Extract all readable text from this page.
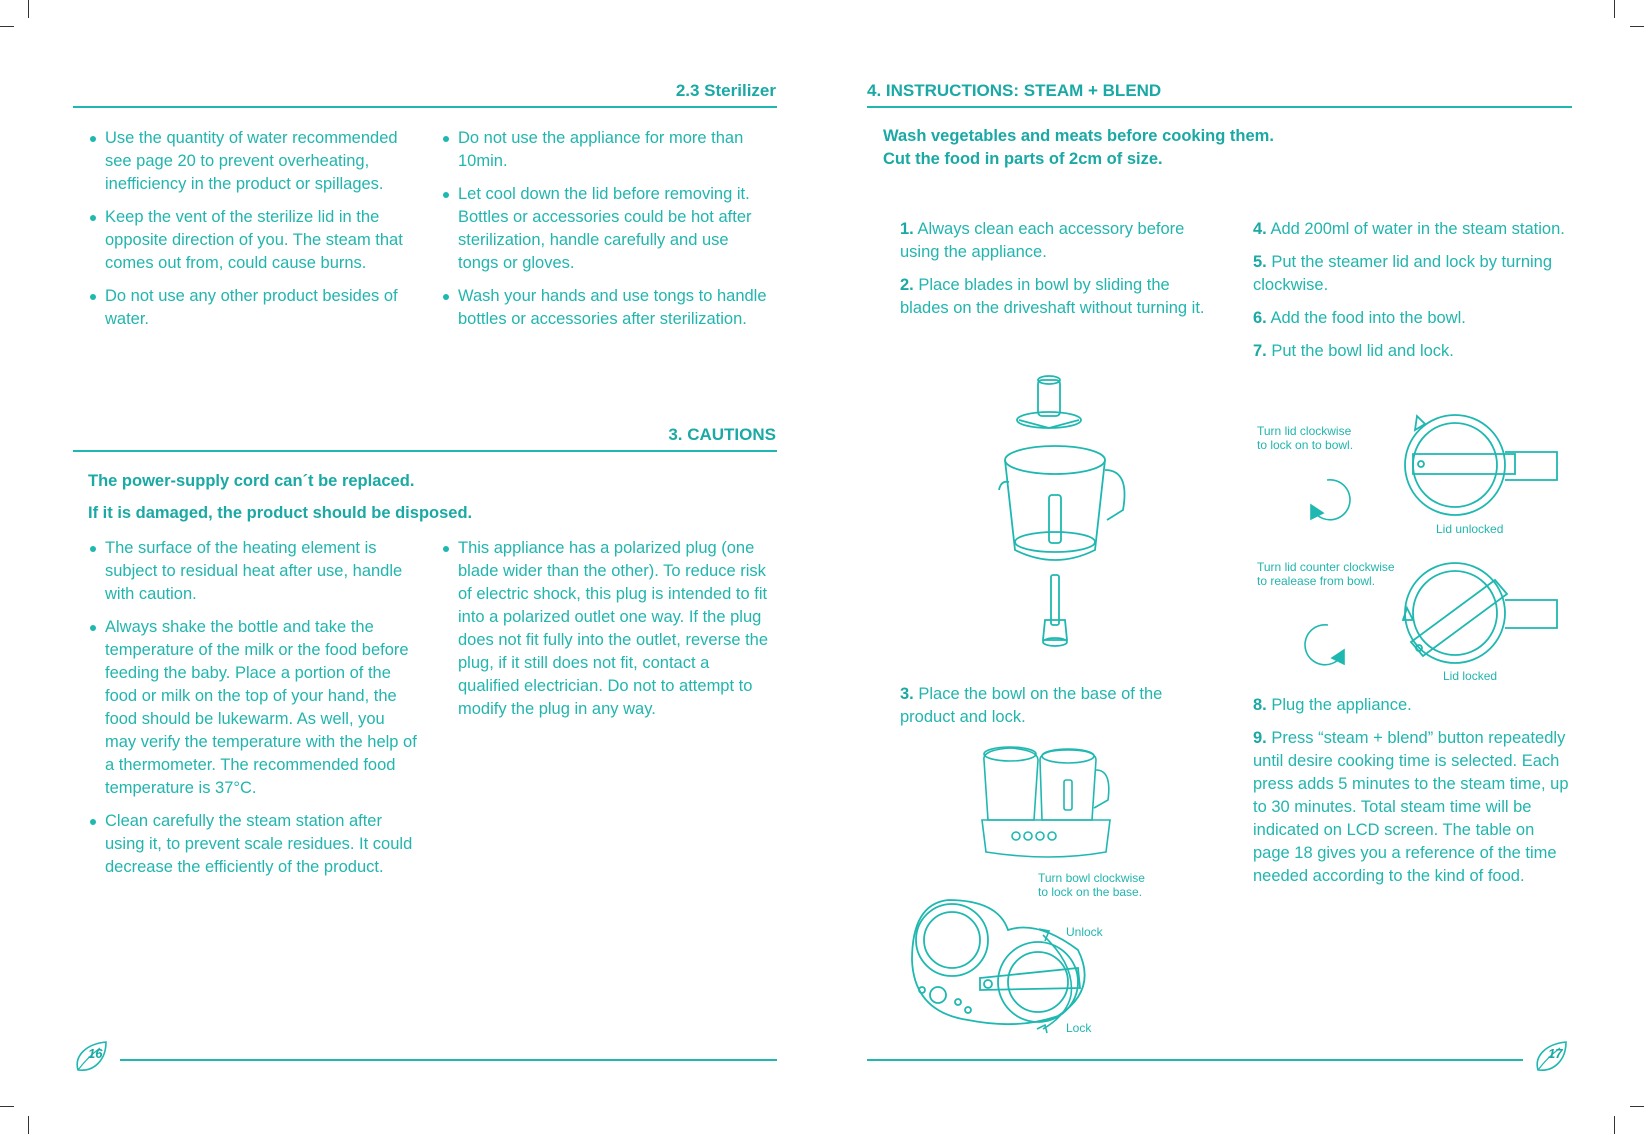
2.3 Sterilizer
Use the quantity of water recommended see page 20 to prevent overheating, inefficiency in the product or spillages.
Keep the vent of the sterilize lid in the opposite direction of you. The steam that comes out from, could cause burns.
Do not use any other product besides of water.
Do not use the appliance for more than 10min.
Let cool down the lid before removing it. Bottles or accessories could be hot after sterilization, handle carefully and use tongs or gloves.
Wash your hands and use tongs to handle bottles or accessories after sterilization.
3. CAUTIONS
The power-supply cord can´t be replaced.
If it is damaged, the product should be disposed.
The surface of the heating element is subject to residual heat after use, handle with caution.
Always shake the bottle and take the temperature of the milk or the food before feeding the baby. Place a portion of the food or milk on the top of your hand, the food should be lukewarm. As well, you may verify the temperature with the help of a thermometer. The recommended food temperature is 37°C.
Clean carefully the steam station after using it, to prevent scale residues. It could decrease the efficiently of the product.
This appliance has a polarized plug (one blade wider than the other). To reduce risk of electric shock, this plug is intended to fit into a polarized outlet one way. If the plug does not fit fully into the outlet, reverse the plug, if it still does not fit, contact a qualified electrician. Do not to attempt to modify the plug in any way.
16
4. INSTRUCTIONS: STEAM + BLEND
Wash vegetables and meats before cooking them.
Cut the food in parts of 2cm of size.
1. Always clean each accessory before using the appliance.
2. Place blades in bowl by sliding the blades on the driveshaft without turning it.
3. Place the bowl on the base of the product and lock.
Turn bowl clockwise
to lock on the base.
Unlock
Lock
4. Add 200ml of water in the steam station.
5. Put the steamer lid and lock by turning clockwise.
6. Add the food into the bowl.
7. Put the bowl lid and lock.
Turn lid clockwise
to lock on to bowl.
Lid unlocked
Turn lid counter clockwise
to realease from bowl.
Lid locked
8. Plug the appliance.
9. Press “steam + blend” button repeatedly until desire cooking time is selected. Each press adds 5 minutes to the steam time, up to 30 minutes. Total steam time will be indicated on LCD screen. The table on page 18 gives you a reference of the time needed according to the kind of food.
17
